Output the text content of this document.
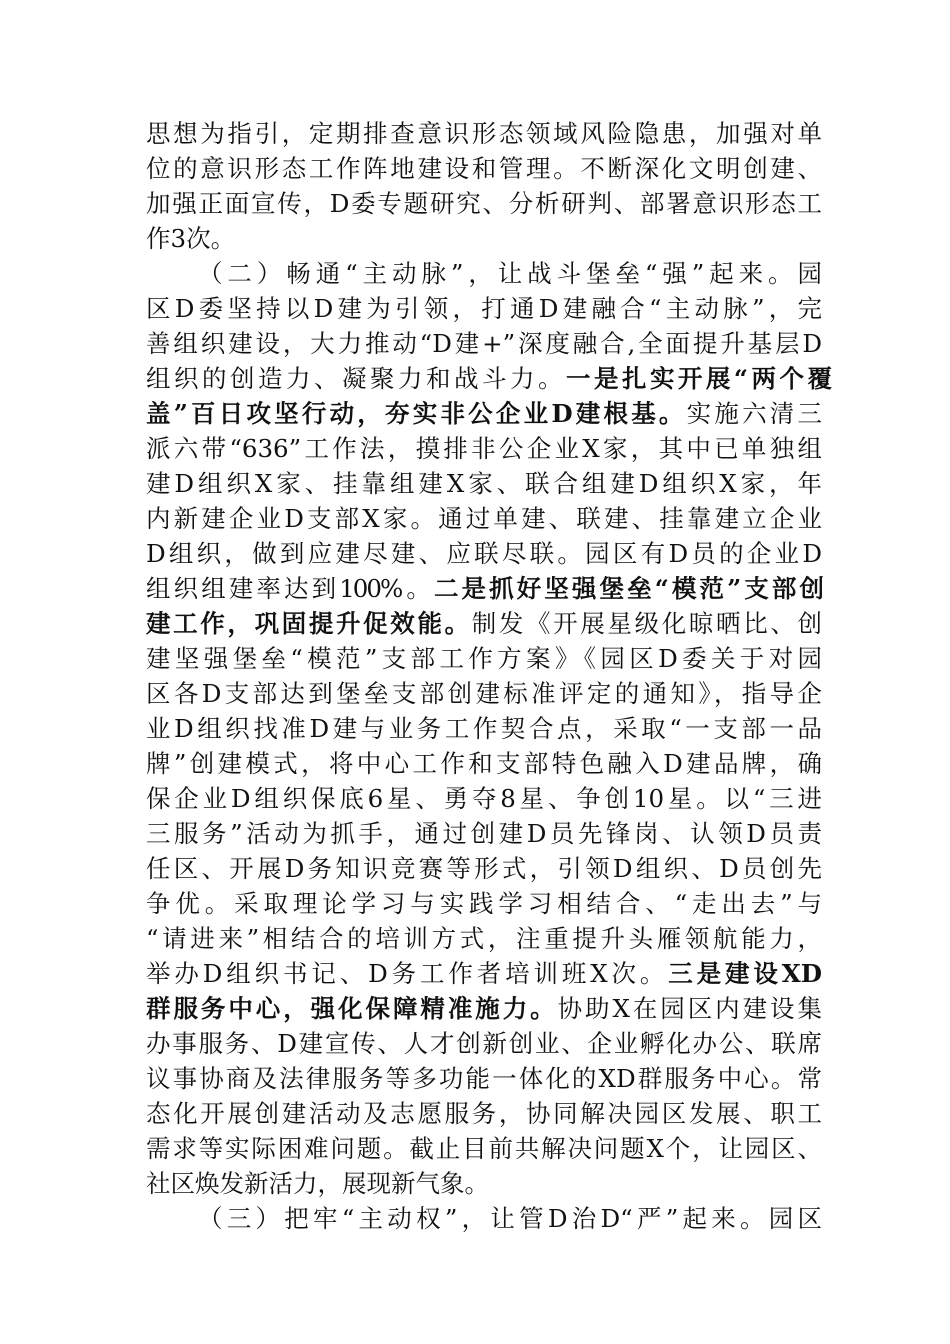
思想为指引，定期排查意识形态领域风险隐患，加强对单
位的意识形态工作阵地建设和管理。不断深化文明创建、
加强正面宣传，D委专题研究、分析研判、部署意识形态工
作3次。
（二）畅通“主动脉”，让战斗堡垒“强”起来。园
区D委坚持以D建为引领，打通D建融合“主动脉”，完
善组织建设，大力推动“D建+”深度融合,全面提升基层D
组织的创造力、凝聚力和战斗力。一是扎实开展“两个覆
盖”百日攻坚行动，夯实非公企业D建根基。实施六清三
派六带“636”工作法，摸排非公企业X家，其中已单独组
建D组织X家、挂靠组建X家、联合组建D组织X家，年
内新建企业D支部X家。通过单建、联建、挂靠建立企业
D组织，做到应建尽建、应联尽联。园区有D员的企业D
组织组建率达到100%。二是抓好坚强堡垒“模范”支部创
建工作，巩固提升促效能。制发《开展星级化晾晒比、创
建坚强堡垒“模范”支部工作方案》《园区D委关于对园
区各D支部达到堡垒支部创建标准评定的通知》，指导企
业D组织找准D建与业务工作契合点，采取“一支部一品
牌”创建模式，将中心工作和支部特色融入D建品牌，确
保企业D组织保底6星、勇夺8星、争创10星。以“三进
三服务”活动为抓手，通过创建D员先锋岗、认领D员责
任区、开展D务知识竞赛等形式，引领D组织、D员创先
争优。采取理论学习与实践学习相结合、“走出去”与
“请进来”相结合的培训方式，注重提升头雁领航能力，
举办D组织书记、D务工作者培训班X次。三是建设XD
群服务中心，强化保障精准施力。协助X在园区内建设集
办事服务、D建宣传、人才创新创业、企业孵化办公、联席
议事协商及法律服务等多功能一体化的XD群服务中心。常
态化开展创建活动及志愿服务，协同解决园区发展、职工
需求等实际困难问题。截止目前共解决问题X个，让园区、
社区焕发新活力，展现新气象。
（三）把牢“主动权”，让管D治D“严”起来。园区
